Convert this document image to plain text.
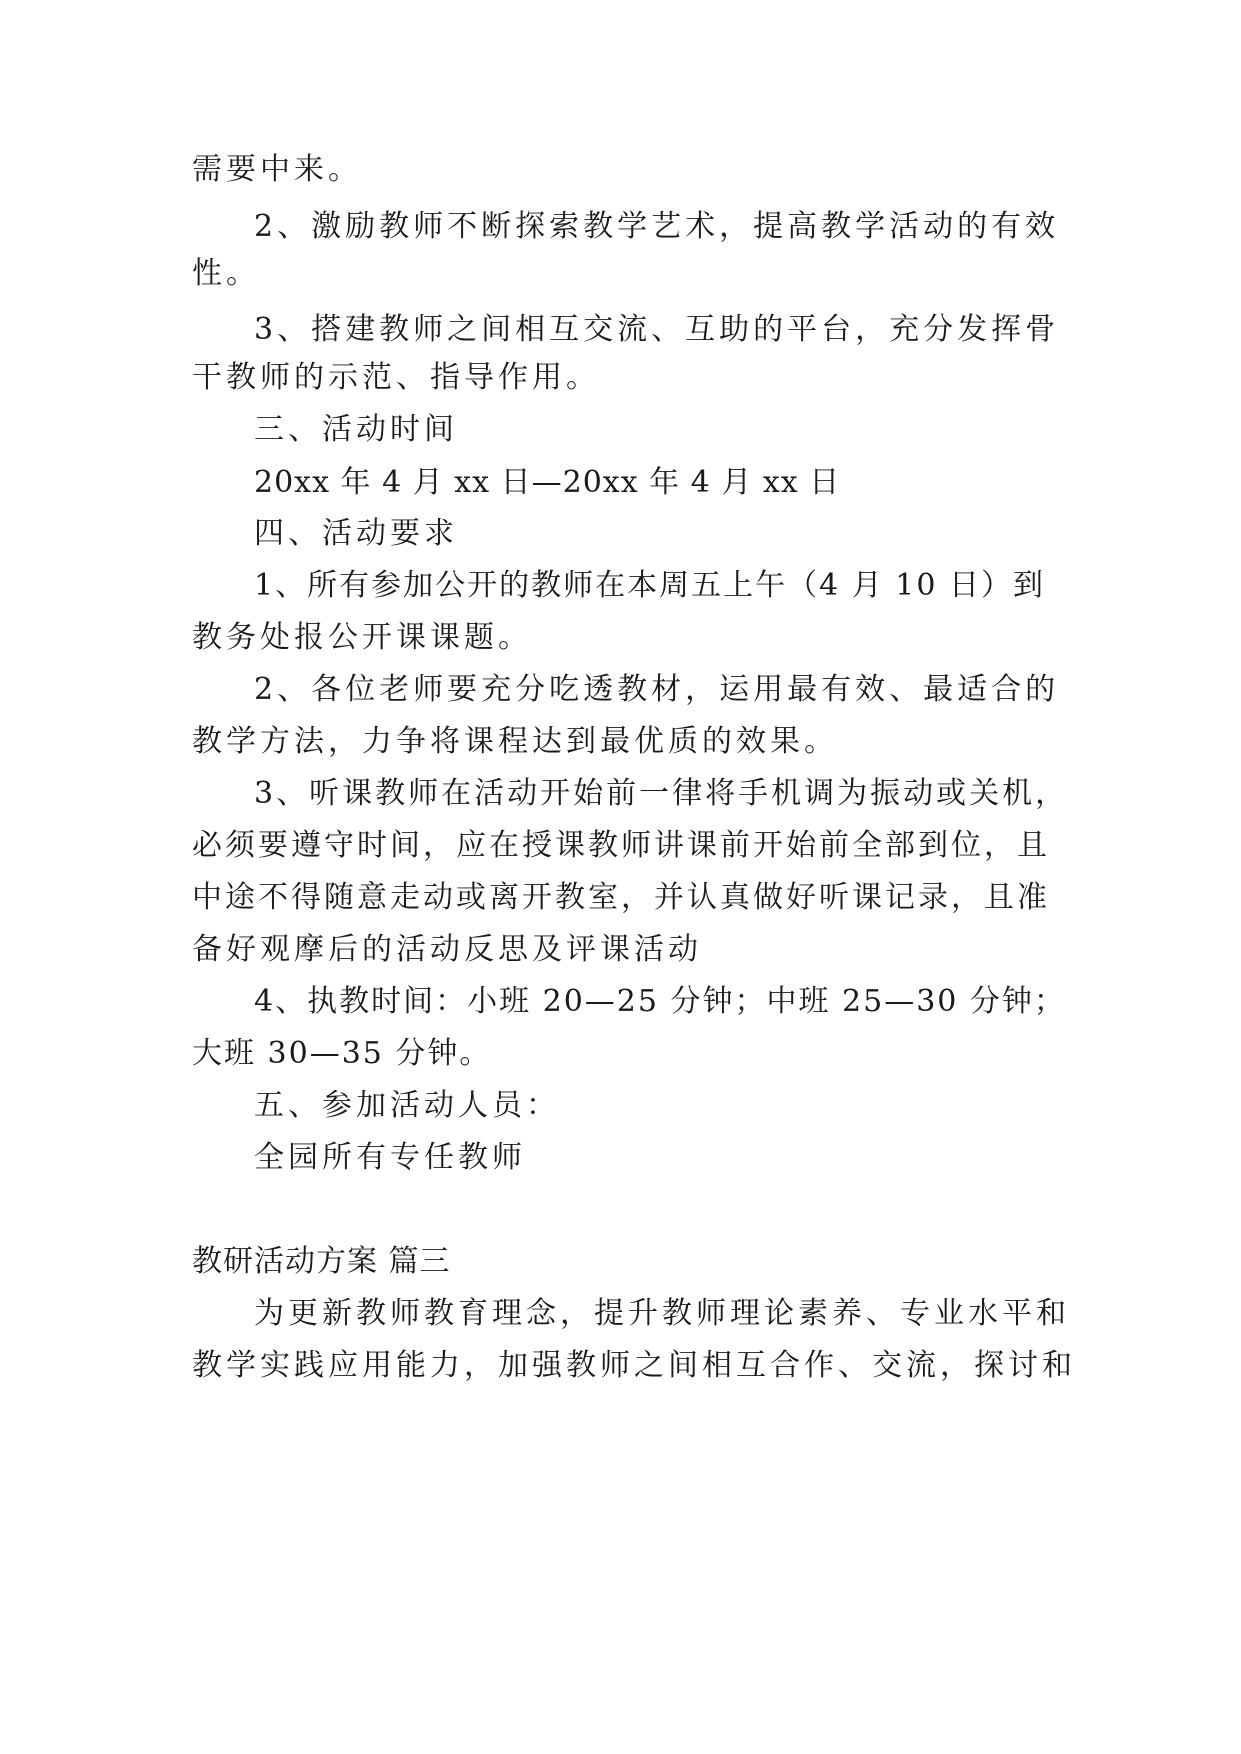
需要中来。
2、激励教师不断探索教学艺术，提高教学活动的有效
性。
3、搭建教师之间相互交流、互助的平台，充分发挥骨
干教师的示范、指导作用。
三、活动时间
20xx 年 4 月 xx 日—20xx 年 4 月 xx 日
四、活动要求
1、所有参加公开的教师在本周五上午（4 月 10 日）到
教务处报公开课课题。
2、各位老师要充分吃透教材，运用最有效、最适合的
教学方法，力争将课程达到最优质的效果。
3、听课教师在活动开始前一律将手机调为振动或关机，
必须要遵守时间，应在授课教师讲课前开始前全部到位，且
中途不得随意走动或离开教室，并认真做好听课记录，且准
备好观摩后的活动反思及评课活动
4、执教时间：小班 20—25 分钟；中班 25—30 分钟；
大班 30—35 分钟。
五、参加活动人员：
全园所有专任教师
教研活动方案 篇三
为更新教师教育理念，提升教师理论素养、专业水平和
教学实践应用能力，加强教师之间相互合作、交流，探讨和
